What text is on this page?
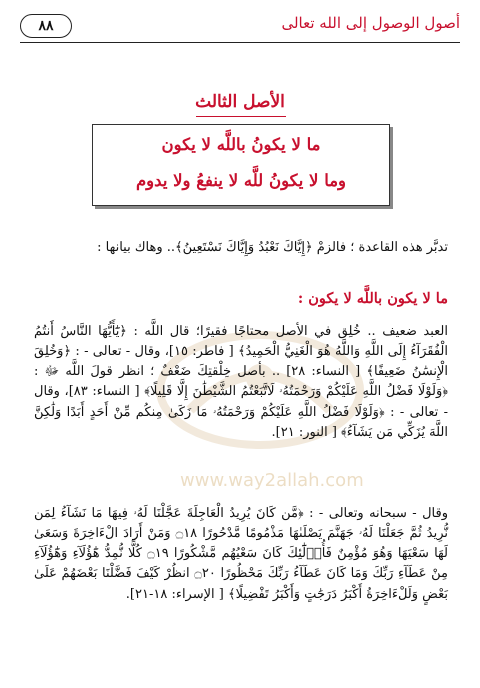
أصول الوصول إلى الله تعالى
٨٨
www.way2allah.com
الأصل الثالث
ما لا يكونُ باللَّه لا يكون
وما لا يكونُ للَّه لا ينفعُ ولا يدوم
تدبَّر هذه القاعدة ؛ فالزمْ ﴿إِيَّاكَ نَعْبُدُ وَإِيَّاكَ نَسْتَعِينُ﴾.. وهاك بيانها :
ما لا يكون باللَّه لا يكون :
العبد ضعيف .. خُلِق في الأصل محتاجًا فقيرًا؛ قال اللَّه : ﴿يَٰٓأَيُّهَا النَّاسُ أَنتُمُ الْفُقَرَآءُ إِلَى اللَّهِ وَاللَّهُ هُوَ الْغَنِيُّ الْحَمِيدُ﴾ [ فاطر: ١٥]، وقال - تعالى - : ﴿وَخُلِقَ الْإِنسَٰنُ ضَعِيفًا﴾ [ النساء: ٢٨] .. بأصل خِلْقتِكَ ضَعْفٌ ؛ انظر قولَ اللَّه ﷻ : ﴿وَلَوْلَا فَضْلُ اللَّهِ عَلَيْكُمْ وَرَحْمَتُهُۥ لَاتَّبَعْتُمُ الشَّيْطَٰنَ إِلَّا قَلِيلًا﴾ [ النساء: ٨٣]، وقال - تعالى - : ﴿وَلَوْلَا فَضْلُ اللَّهِ عَلَيْكُمْ وَرَحْمَتُهُۥ مَا زَكَىٰ مِنكُم مِّنْ أَحَدٍ أَبَدًا وَلَٰكِنَّ اللَّهَ يُزَكِّي مَن يَشَآءُ﴾ [ النور: ٢١].
وقال - سبحانه وتعالى - : ﴿مَّن كَانَ يُرِيدُ الْعَاجِلَةَ عَجَّلْنَا لَهُۥ فِيهَا مَا نَشَآءُ لِمَن نُّرِيدُ ثُمَّ جَعَلْنَا لَهُۥ جَهَنَّمَ يَصْلَىٰهَا مَذْمُومًا مَّدْحُورًا ۝١٨ وَمَنْ أَرَادَ الْءَاخِرَةَ وَسَعَىٰ لَهَا سَعْيَهَا وَهُوَ مُؤْمِنٌ فَأُو۟لَٰٓئِكَ كَانَ سَعْيُهُم مَّشْكُورًا ۝١٩ كُلًّا نُّمِدُّ هَٰٓؤُلَآءِ وَهَٰٓؤُلَآءِ مِنْ عَطَآءِ رَبِّكَ وَمَا كَانَ عَطَآءُ رَبِّكَ مَحْظُورًا ۝٢٠ انظُرْ كَيْفَ فَضَّلْنَا بَعْضَهُمْ عَلَىٰ بَعْضٍ وَلَلْءَاخِرَةُ أَكْبَرُ دَرَجَٰتٍ وَأَكْبَرُ تَفْضِيلًا﴾ [ الإسراء: ١٨-٢١].
